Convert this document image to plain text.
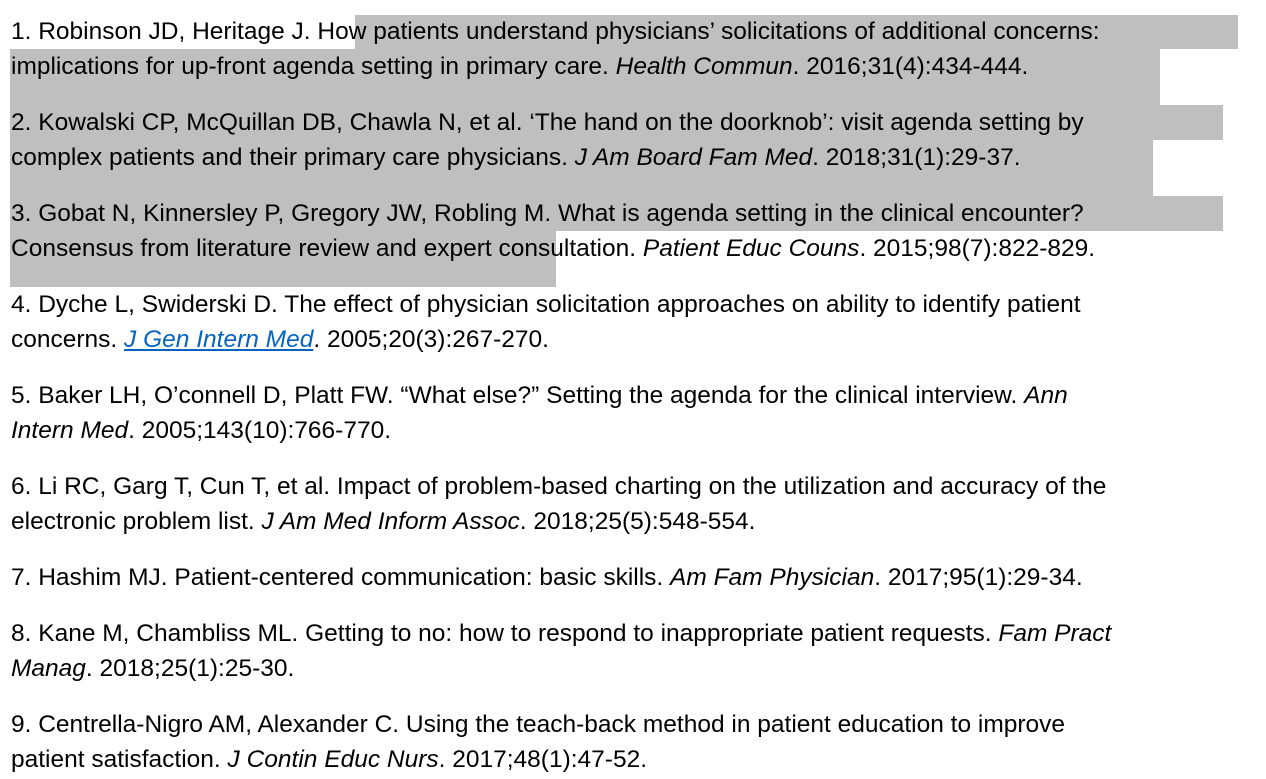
1. Robinson JD, Heritage J. How patients understand physicians’ solicitations of additional concerns:
implications for up-front agenda setting in primary care. Health Commun. 2016;31(4):434-444.
2. Kowalski CP, McQuillan DB, Chawla N, et al. ‘The hand on the doorknob’: visit agenda setting by
complex patients and their primary care physicians. J Am Board Fam Med. 2018;31(1):29-37.
3. Gobat N, Kinnersley P, Gregory JW, Robling M. What is agenda setting in the clinical encounter?
Consensus from literature review and expert consultation. Patient Educ Couns. 2015;98(7):822-829.
4. Dyche L, Swiderski D. The effect of physician solicitation approaches on ability to identify patient
concerns. J Gen Intern Med. 2005;20(3):267-270.
5. Baker LH, O’connell D, Platt FW. “What else?” Setting the agenda for the clinical interview. Ann
Intern Med. 2005;143(10):766-770.
6. Li RC, Garg T, Cun T, et al. Impact of problem-based charting on the utilization and accuracy of the
electronic problem list. J Am Med Inform Assoc. 2018;25(5):548-554.
7. Hashim MJ. Patient-centered communication: basic skills. Am Fam Physician. 2017;95(1):29-34.
8. Kane M, Chambliss ML. Getting to no: how to respond to inappropriate patient requests. Fam Pract
Manag. 2018;25(1):25-30.
9. Centrella-Nigro AM, Alexander C. Using the teach-back method in patient education to improve
patient satisfaction. J Contin Educ Nurs. 2017;48(1):47-52.
